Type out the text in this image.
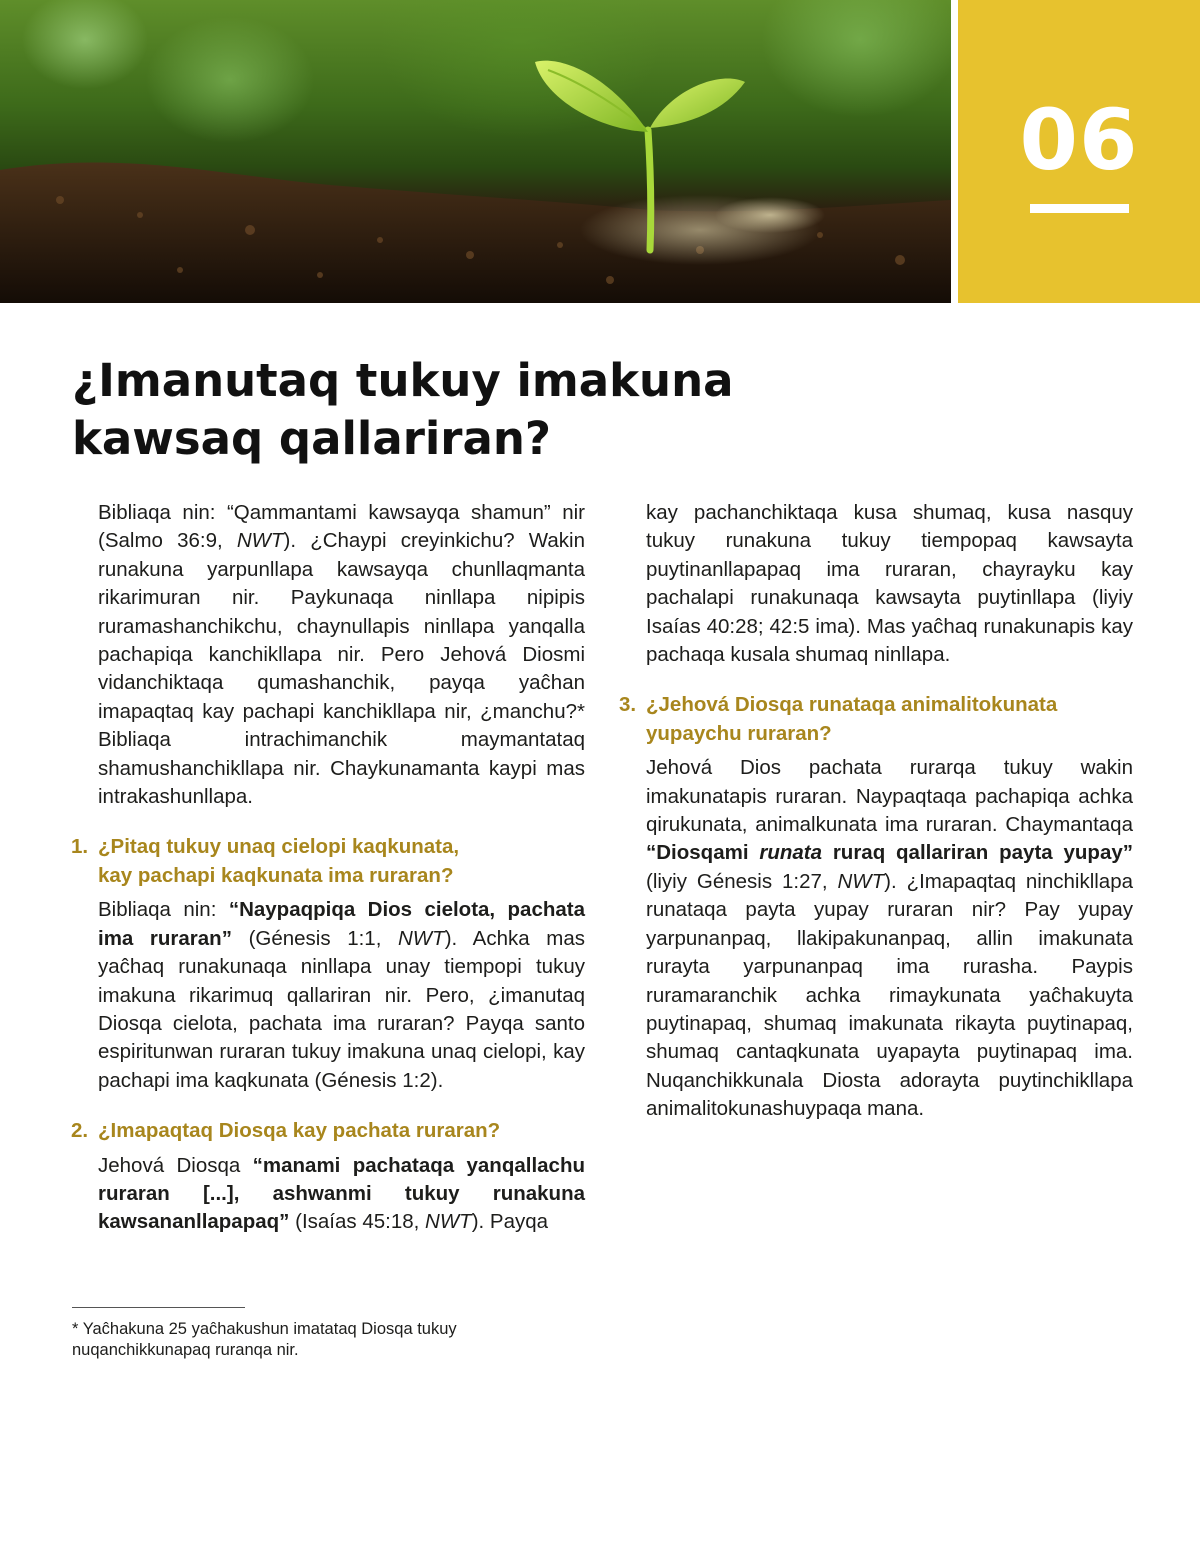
06
¿Imanutaq tukuy imakuna
kawsaq qallariran?

Bibliaqa nin: “Qammantami kawsayqa shamun” nir (Salmo 36:9, NWT). ¿Chaypi creyinkichu? Wakin runakuna yarpunllapa kawsayqa chunllaqmanta rikarimuran nir. Paykunaqa ninllapa nipipis ruramashanchikchu, chaynullapis ninllapa yanqalla pachapiqa kanchikllapa nir. Pero Jehová Diosmi vidanchiktaqa qumashanchik, payqa yaĉhan imapaqtaq kay pachapi kanchikllapa nir, ¿manchu?* Bibliaqa intrachimanchik maymantataq shamushanchikllapa nir. Chaykunamanta kaypi mas intrakashunllapa.

1. ¿Pitaq tukuy unaq cielopi kaqkunata,
kay pachapi kaqkunata ima ruraran?

Bibliaqa nin: “Naypaqpiqa Dios cielota, pachata ima ruraran” (Génesis 1:1, NWT). Achka mas yaĉhaq runakunaqa ninllapa unay tiempopi tukuy imakuna rikarimuq qallariran nir. Pero, ¿imanutaq Diosqa cielota, pachata ima ruraran? Payqa santo espiritunwan ruraran tukuy imakuna unaq cielopi, kay pachapi ima kaqkunata (Génesis 1:2).

2. ¿Imapaqtaq Diosqa kay pachata ruraran?

Jehová Diosqa “manami pachataqa yanqallachu ruraran [...], ashwanmi tukuy runakuna kawsananllapapaq” (Isaías 45:18, NWT). Payqa

kay pachanchiktaqa kusa shumaq, kusa nasquy tukuy runakuna tukuy tiempopaq kawsayta puytinanllapapaq ima ruraran, chayrayku kay pachalapi runakunaqa kawsayta puytinllapa (liyiy Isaías 40:28; 42:5 ima). Mas yaĉhaq runakunapis kay pachaqa kusala shumaq ninllapa.

3. ¿Jehová Diosqa runataqa animalitokunata
yupaychu ruraran?

Jehová Dios pachata rurarqa tukuy wakin imakunatapis ruraran. Naypaqtaqa pachapiqa achka qirukunata, animalkunata ima ruraran. Chaymantaqa “Diosqami runata ruraq qallariran payta yupay” (liyiy Génesis 1:27, NWT). ¿Imapaqtaq ninchikllapa runataqa payta yupay ruraran nir? Pay yupay yarpunanpaq, llakipakunanpaq, allin imakunata rurayta yarpunanpaq ima rurasha. Paypis ruramaranchik achka rimaykunata yaĉhakuyta puytinapaq, shumaq imakunata rikayta puytinapaq, shumaq cantaqkunata uyapayta puytinapaq ima. Nuqanchikkunala Diosta adorayta puytinchikllapa animalitokunashuypaqa mana.

* Yaĉhakuna 25 yaĉhakushun imatataq Diosqa tukuy nuqanchikkunapaq ruranqa nir.
